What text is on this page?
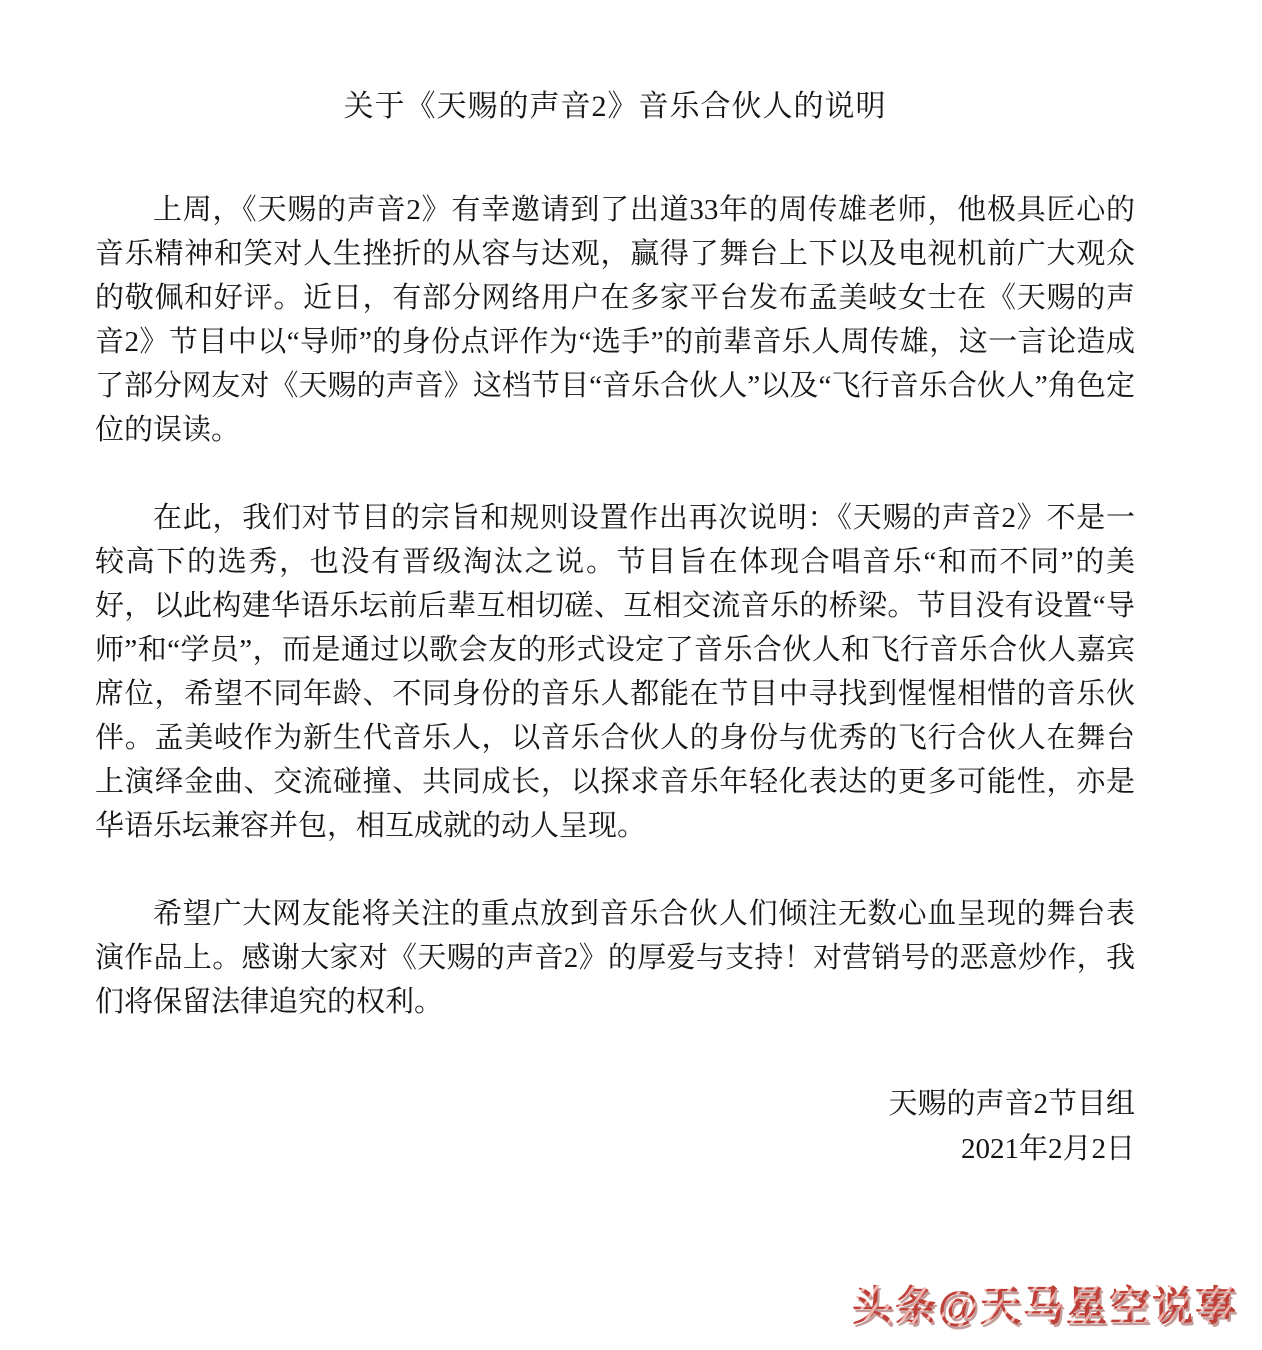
关于《天赐的声音2》音乐合伙人的说明

上周，《天赐的声音2》有幸邀请到了出道33年的周传雄老师，他极具匠心的音乐精神和笑对人生挫折的从容与达观，赢得了舞台上下以及电视机前广大观众的敬佩和好评。近日，有部分网络用户在多家平台发布孟美岐女士在《天赐的声音2》节目中以“导师”的身份点评作为“选手”的前辈音乐人周传雄，这一言论造成了部分网友对《天赐的声音》这档节目“音乐合伙人”以及“飞行音乐合伙人”角色定位的误读。

在此，我们对节目的宗旨和规则设置作出再次说明：《天赐的声音2》不是一较高下的选秀，也没有晋级淘汰之说。节目旨在体现合唱音乐“和而不同”的美好，以此构建华语乐坛前后辈互相切磋、互相交流音乐的桥梁。节目没有设置“导师”和“学员”，而是通过以歌会友的形式设定了音乐合伙人和飞行音乐合伙人嘉宾席位，希望不同年龄、不同身份的音乐人都能在节目中寻找到惺惺相惜的音乐伙伴。孟美岐作为新生代音乐人，以音乐合伙人的身份与优秀的飞行合伙人在舞台上演绎金曲、交流碰撞、共同成长，以探求音乐年轻化表达的更多可能性，亦是华语乐坛兼容并包，相互成就的动人呈现。

希望广大网友能将关注的重点放到音乐合伙人们倾注无数心血呈现的舞台表演作品上。感谢大家对《天赐的声音2》的厚爱与支持！对营销号的恶意炒作，我们将保留法律追究的权利。

天赐的声音2节目组
2021年2月2日
头条@天马星空说事
